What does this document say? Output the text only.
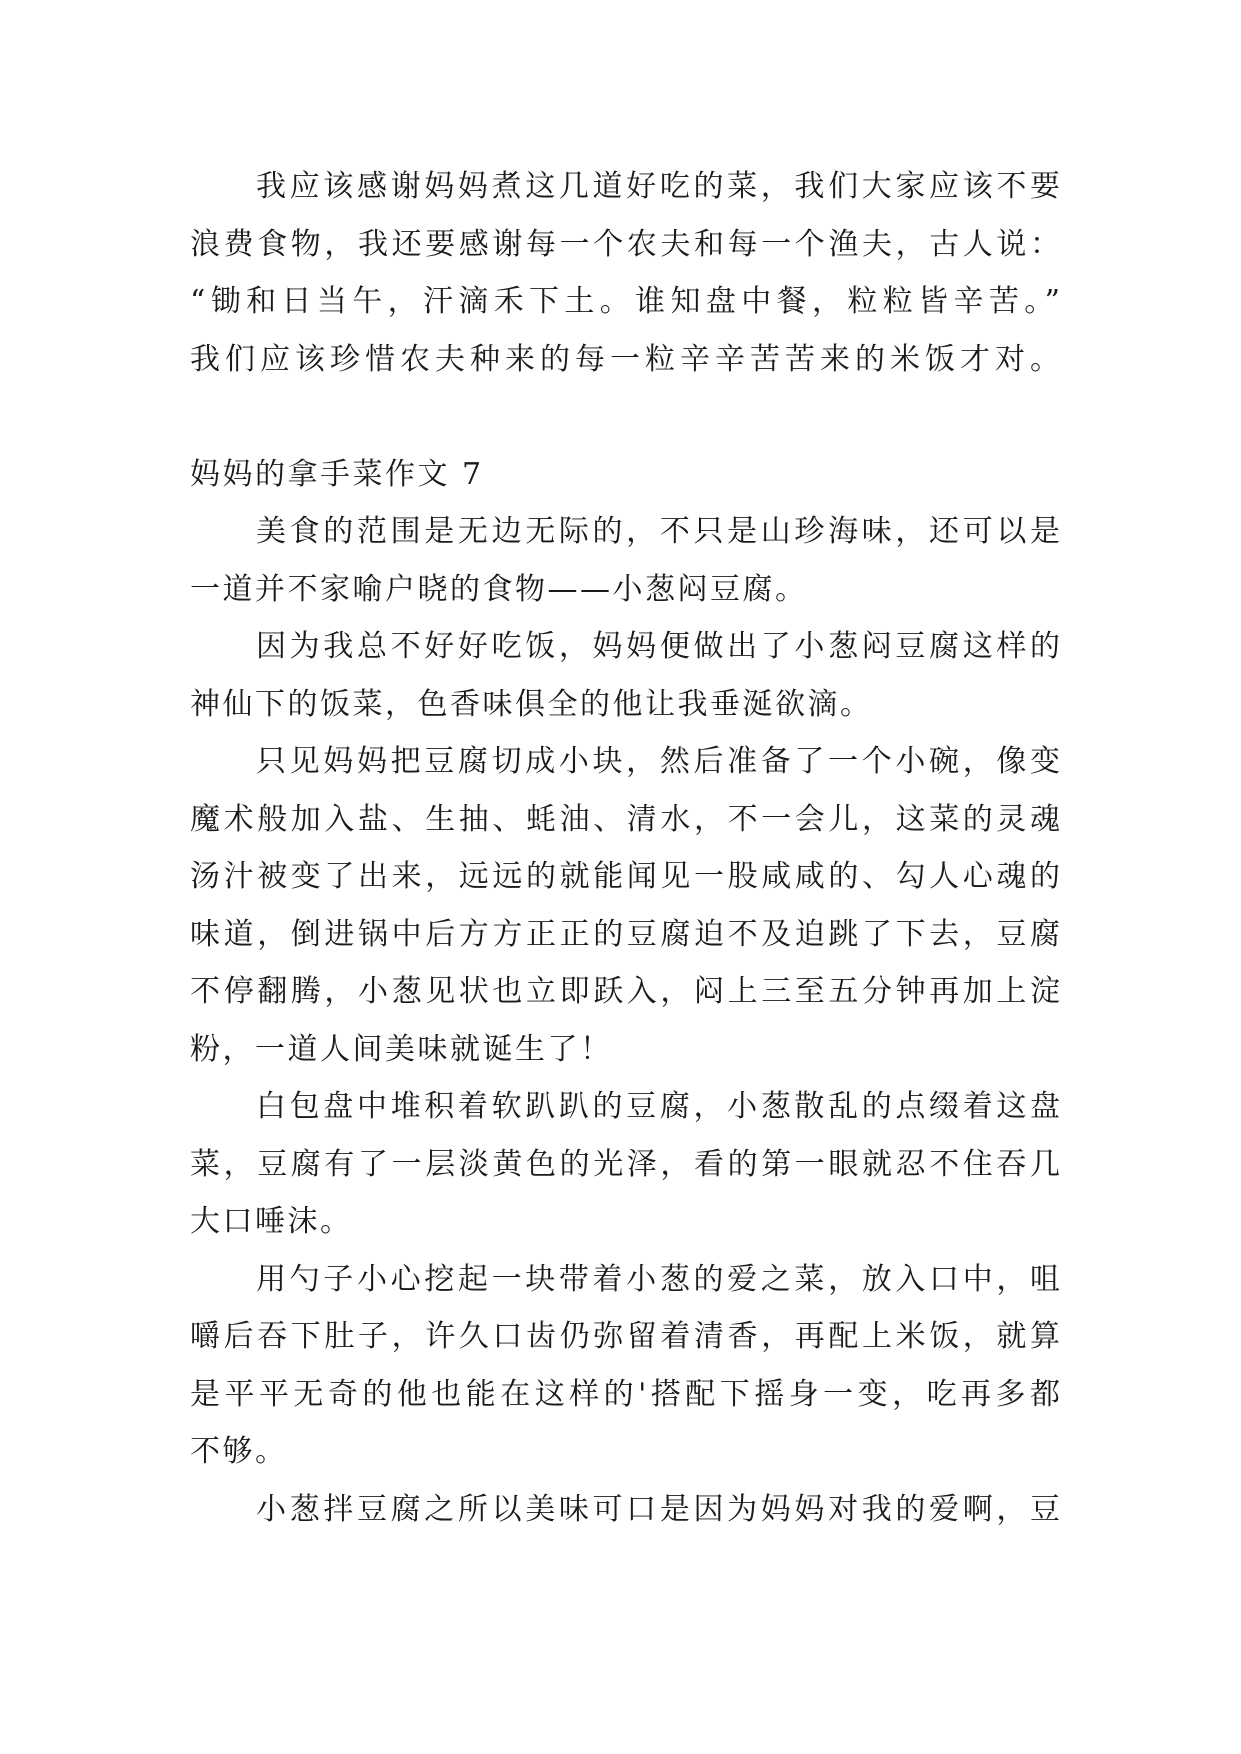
我应该感谢妈妈煮这几道好吃的菜，我们大家应该不要
浪费食物，我还要感谢每一个农夫和每一个渔夫，古人说：
“锄和日当午，汗滴禾下土。谁知盘中餐，粒粒皆辛苦。”
我们应该珍惜农夫种来的每一粒辛辛苦苦来的米饭才对。
妈妈的拿手菜作文 7
美食的范围是无边无际的，不只是山珍海味，还可以是
一道并不家喻户晓的食物——小葱闷豆腐。
因为我总不好好吃饭，妈妈便做出了小葱闷豆腐这样的
神仙下的饭菜，色香味俱全的他让我垂涎欲滴。
只见妈妈把豆腐切成小块，然后准备了一个小碗，像变
魔术般加入盐、生抽、蚝油、清水，不一会儿，这菜的灵魂
汤汁被变了出来，远远的就能闻见一股咸咸的、勾人心魂的
味道，倒进锅中后方方正正的豆腐迫不及迫跳了下去，豆腐
不停翻腾，小葱见状也立即跃入，闷上三至五分钟再加上淀
粉，一道人间美味就诞生了！
白包盘中堆积着软趴趴的豆腐，小葱散乱的点缀着这盘
菜，豆腐有了一层淡黄色的光泽，看的第一眼就忍不住吞几
大口唾沫。
用勺子小心挖起一块带着小葱的爱之菜，放入口中，咀
嚼后吞下肚子，许久口齿仍弥留着清香，再配上米饭，就算
是平平无奇的他也能在这样的'搭配下摇身一变，吃再多都
不够。
小葱拌豆腐之所以美味可口是因为妈妈对我的爱啊，豆
